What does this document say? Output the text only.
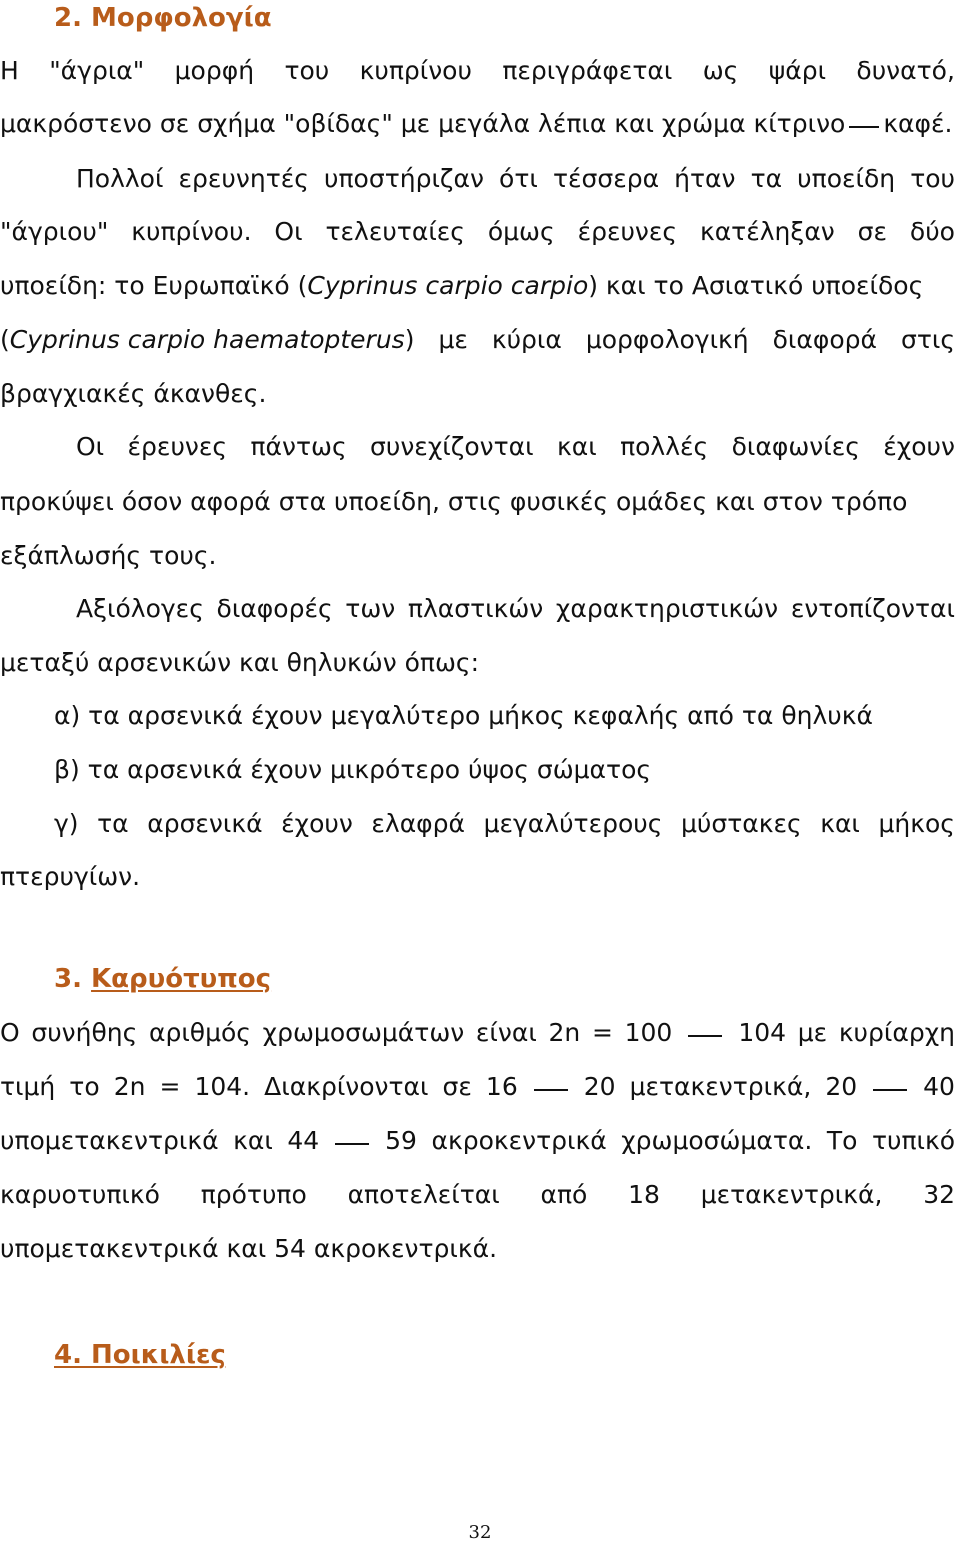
2. Μορφολογία
Η "άγρια" μορφή του κυπρίνου περιγράφεται ως ψάρι δυνατό,
μακρόστενο σε σχήμα "οβίδας" με μεγάλα λέπια και χρώμα κίτρινο καφέ.
Πολλοί ερευνητές υποστήριζαν ότι τέσσερα ήταν τα υποείδη του
"άγριου" κυπρίνου. Οι τελευταίες όμως έρευνες κατέληξαν σε δύο
υποείδη: το Ευρωπαϊκό (Cyprinus carpio carpio) και το Ασιατικό υποείδος
(Cyprinus carpio haematopterus) με κύρια μορφολογική διαφορά στις
βραγχιακές άκανθες.
Οι έρευνες πάντως συνεχίζονται και πολλές διαφωνίες έχουν
προκύψει όσον αφορά στα υποείδη, στις φυσικές ομάδες και στον τρόπο
εξάπλωσής τους.
Αξιόλογες διαφορές των πλαστικών χαρακτηριστικών εντοπίζονται
μεταξύ αρσενικών και θηλυκών όπως:
α) τα αρσενικά έχουν μεγαλύτερο μήκος κεφαλής από τα θηλυκά
β) τα αρσενικά έχουν μικρότερο ύψος σώματος
γ) τα αρσενικά έχουν ελαφρά μεγαλύτερους μύστακες και μήκος
πτερυγίων.
3. Καρυότυπος
Ο συνήθης αριθμός χρωμοσωμάτων είναι 2n = 100	104 με κυρίαρχη
τιμή το 2n = 104. Διακρίνονται σε 16	20 μετακεντρικά, 20	40
υπομετακεντρικά και 44	59 ακροκεντρικά χρωμοσώματα. Το τυπικό
καρυοτυπικό πρότυπο αποτελείται από 18 μετακεντρικά, 32
υπομετακεντρικά και 54 ακροκεντρικά.
4. Ποικιλίες
32
